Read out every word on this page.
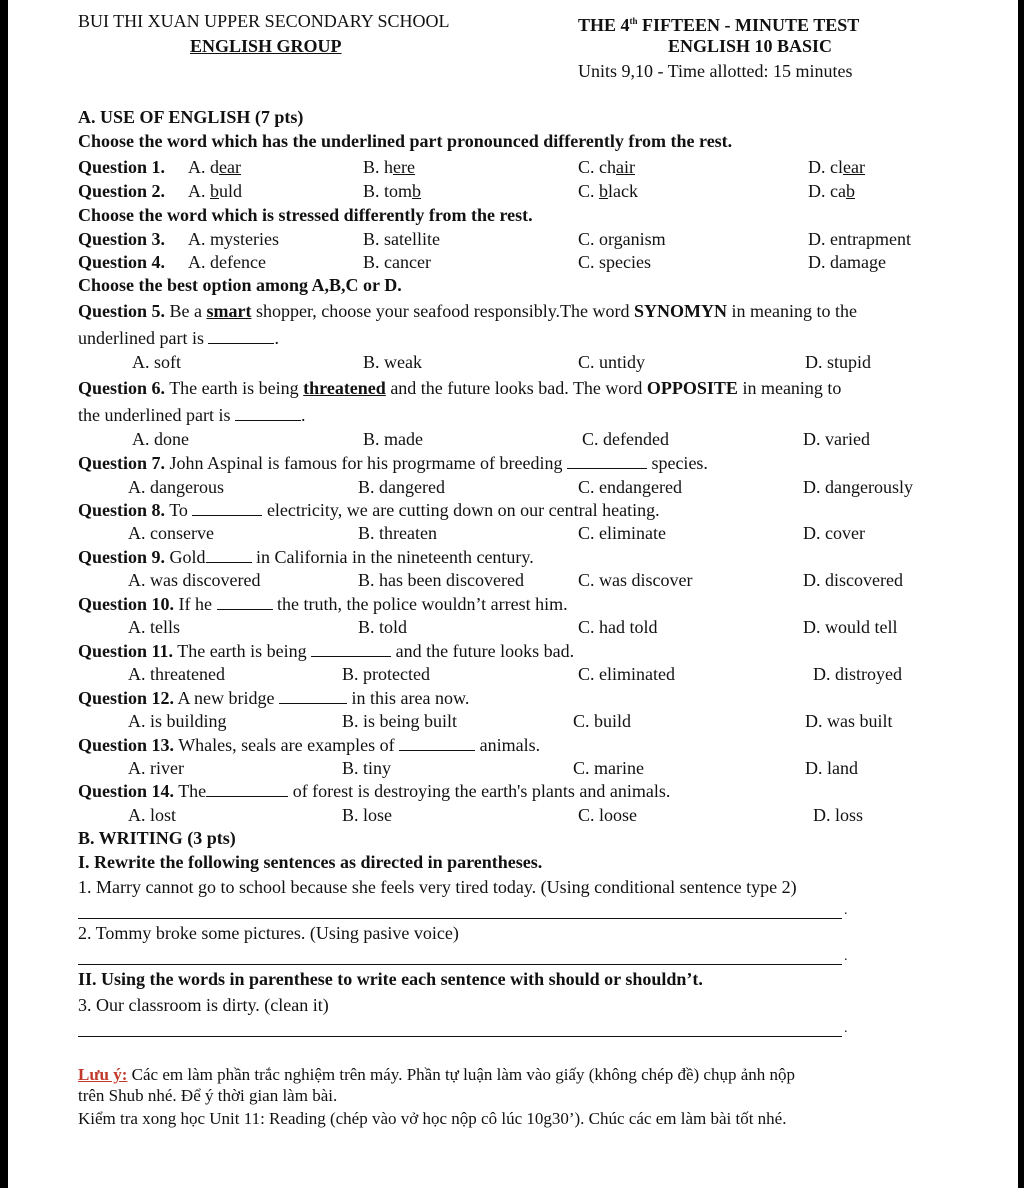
BUI THI XUAN UPPER SECONDARY SCHOOL
ENGLISH GROUP
THE 4th FIFTEEN - MINUTE TEST
ENGLISH 10 BASIC
Units 9,10 - Time allotted: 15 minutes
A. USE OF ENGLISH (7 pts)
Choose the word which has the underlined part pronounced differently from the rest.
Question 1. A. dear	B. here	C. chair	D. clear
Question 2. A. buld	B. tomb	C. black	D. cab
Choose the word which is stressed differently from the rest.
Question 3. A. mysteries	B. satellite	C. organism	D. entrapment
Question 4. A. defence	B. cancer	C. species	D. damage
Choose the best option among A,B,C or D.
Question 5. Be a smart shopper, choose your seafood responsibly.The word SYNOMYN in meaning to the
underlined part is	.
A. soft	B. weak	C. untidy	D. stupid
Question 6. The earth is being threatened and the future looks bad. The word OPPOSITE in meaning to
the underlined part is	.
A. done	B. made	C. defended	D. varied
Question 7. John Aspinal is famous for his progrmame of breeding	species.
A. dangerous	B. dangered	C. endangered	D. dangerously
Question 8. To	electricity, we are cutting down on our central heating.
A. conserve	B. threaten	C. eliminate	D. cover
Question 9. Gold	in California in the nineteenth century.
A. was discovered	B. has been discovered	C. was discover	D. discovered
Question 10. If he	the truth, the police wouldn’t arrest him.
A. tells	B. told	C. had told	D. would tell
Question 11. The earth is being	and the future looks bad.
A. threatened	B. protected	C. eliminated	D. distroyed
Question 12. A new bridge	in this area now.
A. is building	B. is being built	C. build	D. was built
Question 13. Whales, seals are examples of	animals.
A. river	B. tiny	C. marine	D. land
Question 14. The	of forest is destroying the earth's plants and animals.
A. lost	B. lose	C. loose	D. loss
B. WRITING (3 pts)
I. Rewrite the following sentences as directed in parentheses.
1. Marry cannot go to school because she feels very tired today. (Using conditional sentence type 2)
.
2. Tommy broke some pictures. (Using pasive voice)
.
II. Using the words in parenthese to write each sentence with should or shouldn’t.
3. Our classroom is dirty. (clean it)
.
Lưu ý: Các em làm phần trắc nghiệm trên máy. Phần tự luận làm vào giấy (không chép đề) chụp ảnh nộp
trên Shub nhé. Để ý thời gian làm bài.
Kiểm tra xong học Unit 11: Reading (chép vào vở học nộp cô lúc 10g30’). Chúc các em làm bài tốt nhé.
